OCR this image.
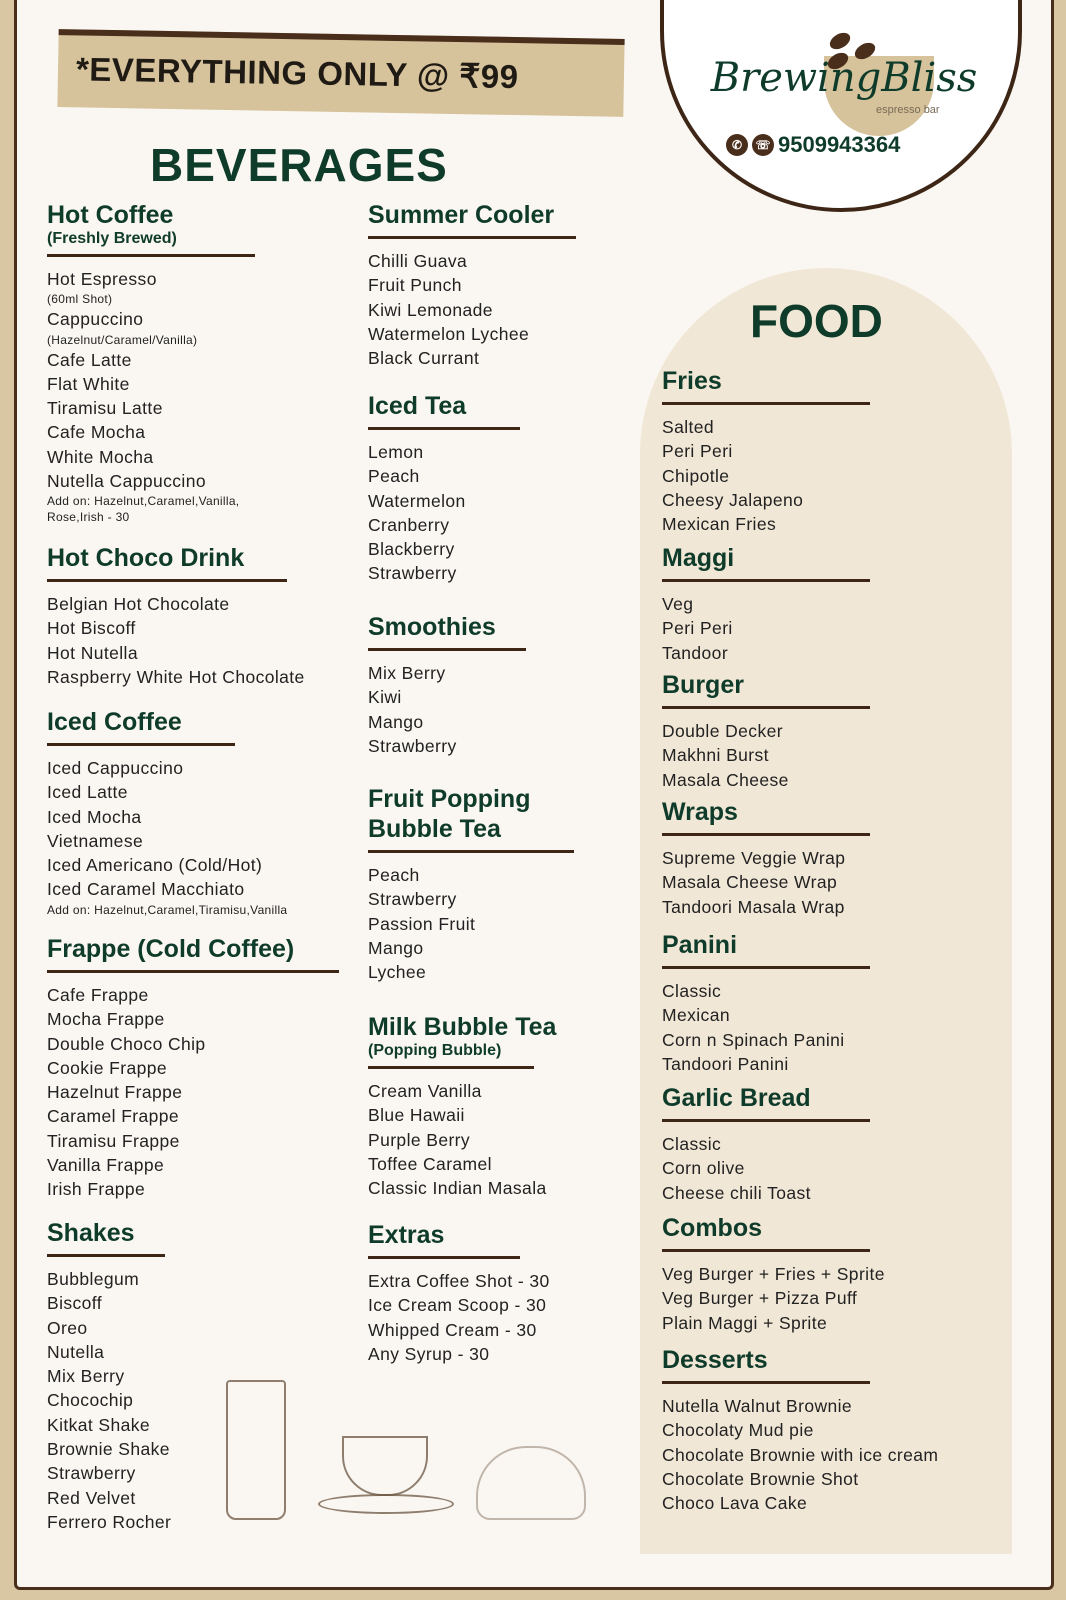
*EVERYTHING ONLY @ ₹99
BEVERAGES
FOOD
BrewingBliss
espresso bar
✆	☏ 9509943364
Hot Coffee
(Freshly Brewed)
Hot Espresso
(60ml Shot)
Cappuccino
(Hazelnut/Caramel/Vanilla)
Cafe Latte
Flat White
Tiramisu Latte
Cafe Mocha
White Mocha
Nutella Cappuccino
Add on: Hazelnut,Caramel,Vanilla,
Rose,Irish - 30
Hot Choco Drink
Belgian Hot Chocolate
Hot Biscoff
Hot Nutella
Raspberry White Hot Chocolate
Iced Coffee
Iced Cappuccino
Iced Latte
Iced Mocha
Vietnamese
Iced Americano (Cold/Hot)
Iced Caramel Macchiato
Add on: Hazelnut,Caramel,Tiramisu,Vanilla
Frappe (Cold Coffee)
Cafe Frappe
Mocha Frappe
Double Choco Chip
Cookie Frappe
Hazelnut Frappe
Caramel Frappe
Tiramisu Frappe
Vanilla Frappe
Irish Frappe
Shakes
Bubblegum
Biscoff
Oreo
Nutella
Mix Berry
Chocochip
Kitkat Shake
Brownie Shake
Strawberry
Red Velvet
Ferrero Rocher
Summer Cooler
Chilli Guava
Fruit Punch
Kiwi Lemonade
Watermelon Lychee
Black Currant
Iced Tea
Lemon
Peach
Watermelon
Cranberry
Blackberry
Strawberry
Smoothies
Mix Berry
Kiwi
Mango
Strawberry
Fruit Popping
Bubble Tea
Peach
Strawberry
Passion Fruit
Mango
Lychee
Milk Bubble Tea
(Popping Bubble)
Cream Vanilla
Blue Hawaii
Purple Berry
Toffee Caramel
Classic Indian Masala
Extras
Extra Coffee Shot - 30
Ice Cream Scoop - 30
Whipped Cream - 30
Any Syrup - 30
Fries
Salted
Peri Peri
Chipotle
Cheesy Jalapeno
Mexican Fries
Maggi
Veg
Peri Peri
Tandoor
Burger
Double Decker
Makhni Burst
Masala Cheese
Wraps
Supreme Veggie Wrap
Masala Cheese Wrap
Tandoori Masala Wrap
Panini
Classic
Mexican
Corn n Spinach Panini
Tandoori Panini
Garlic Bread
Classic
Corn olive
Cheese chili Toast
Combos
Veg Burger + Fries + Sprite
Veg Burger + Pizza Puff
Plain Maggi + Sprite
Desserts
Nutella Walnut Brownie
Chocolaty Mud pie
Chocolate Brownie with ice cream
Chocolate Brownie Shot
Choco Lava Cake
